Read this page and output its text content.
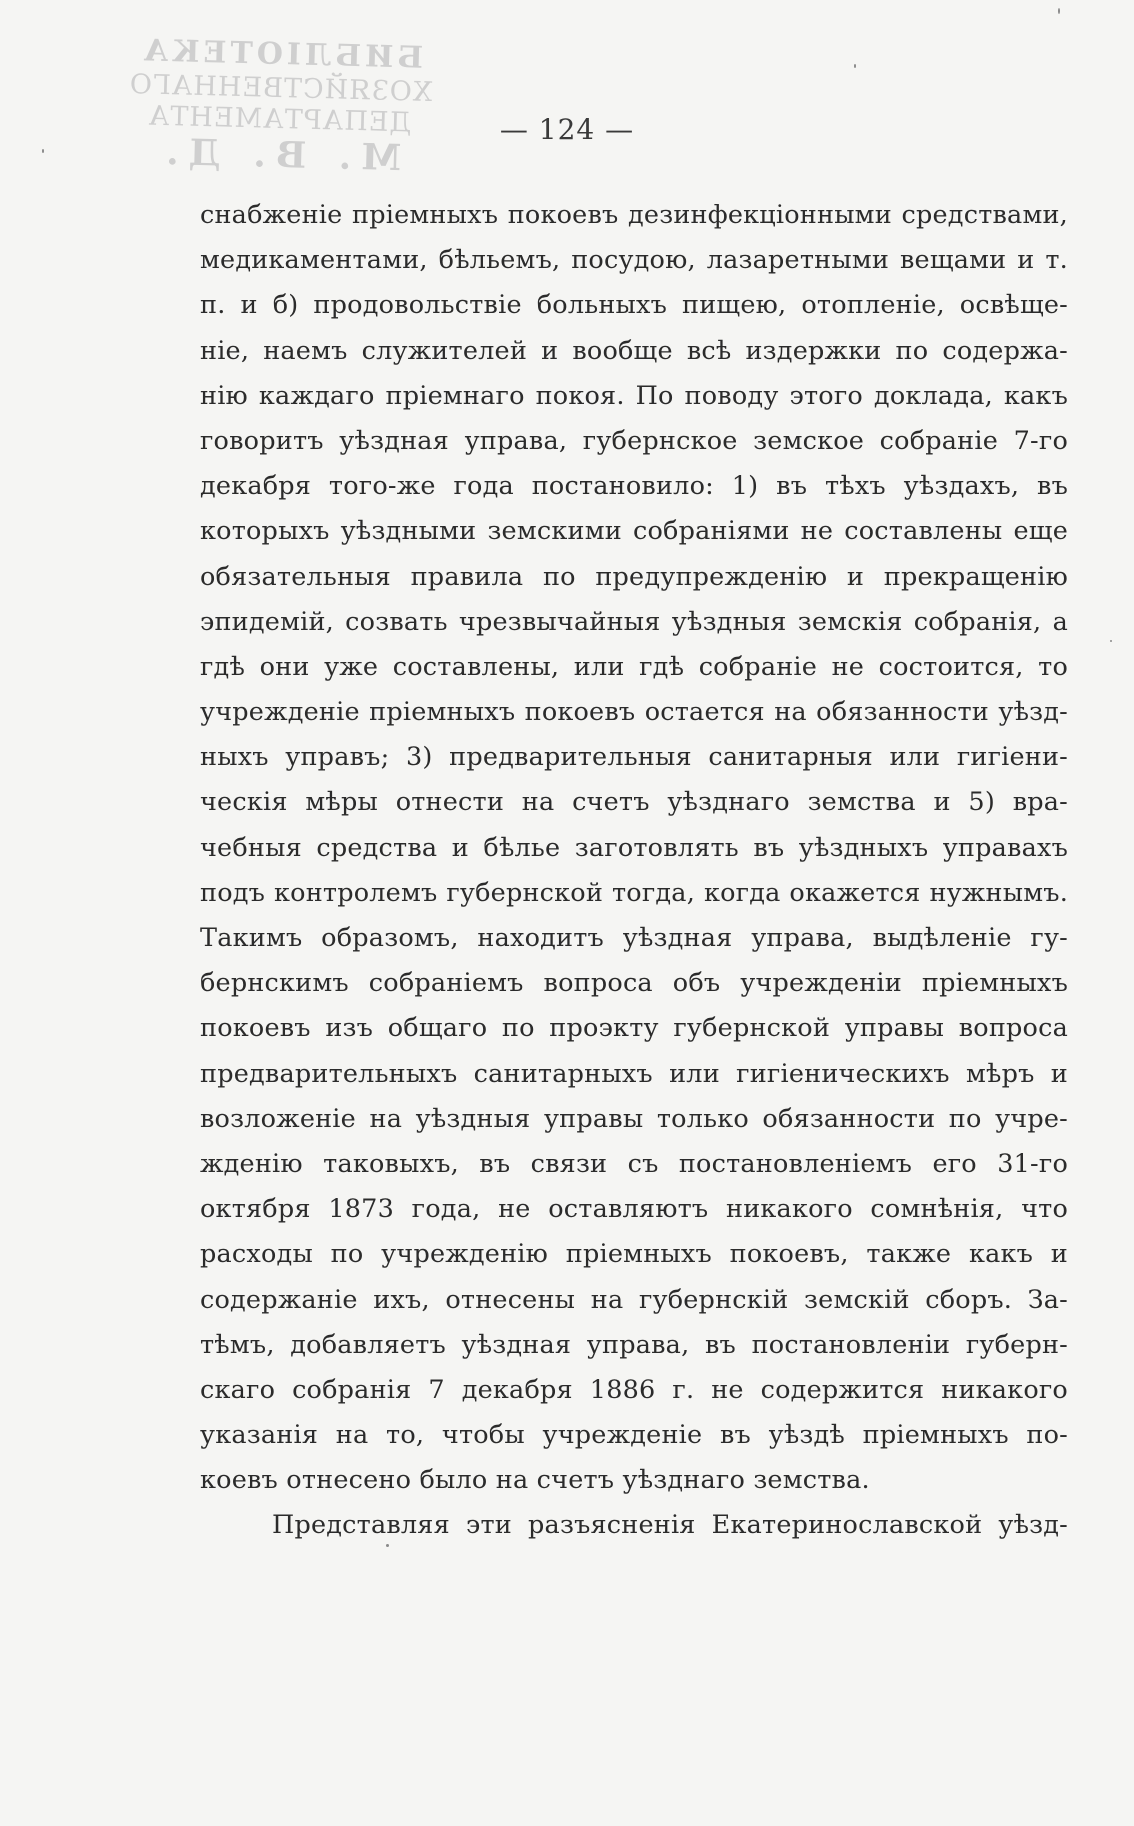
БИБЛІОТЕКА
ХОЗЯЙСТВЕННАГО ДЕПАРТАМЕНТА
М. В. Д.
— 124 —
снабженіе пріемныхъ покоевъ дезинфекціонными средствами,
медикаментами, бѣльемъ, посудою, лазаретными вещами и т.
п. и б) продовольствіе больныхъ пищею, отопленіе, освѣще-
ніе, наемъ служителей и вообще всѣ издержки по содержа-
нію каждаго пріемнаго покоя. По поводу этого доклада, какъ
говоритъ уѣздная управа, губернское земское собраніе 7-го
декабря того-же года постановило: 1) въ тѣхъ уѣздахъ, въ
которыхъ уѣздными земскими собраніями не составлены еще
обязательныя правила по предупрежденію и прекращенію
эпидемій, созвать чрезвычайныя уѣздныя земскія собранія, а
гдѣ они уже составлены, или гдѣ собраніе не состоится, то
учрежденіе пріемныхъ покоевъ остается на обязанности уѣзд-
ныхъ управъ; 3) предварительныя санитарныя или гигіени-
ческія мѣры отнести на счетъ уѣзднаго земства и 5) вра-
чебныя средства и бѣлье заготовлять въ уѣздныхъ управахъ
подъ контролемъ губернской тогда, когда окажется нужнымъ.
Такимъ образомъ, находитъ уѣздная управа, выдѣленіе гу-
бернскимъ собраніемъ вопроса объ учрежденіи пріемныхъ
покоевъ изъ общаго по проэкту губернской управы вопроса
предварительныхъ санитарныхъ или гигіеническихъ мѣръ и
возложеніе на уѣздныя управы только обязанности по учре-
жденію таковыхъ, въ связи съ постановленіемъ его 31-го
октября 1873 года, не оставляютъ никакого сомнѣнія, что
расходы по учрежденію пріемныхъ покоевъ, также какъ и
содержаніе ихъ, отнесены на губернскій земскій сборъ. За-
тѣмъ, добавляетъ уѣздная управа, въ постановленіи губерн-
скаго собранія 7 декабря 1886 г. не содержится никакого
указанія на то, чтобы учрежденіе въ уѣздѣ пріемныхъ по-
коевъ отнесено было на счетъ уѣзднаго земства.
Представляя эти разъясненія Екатеринославской уѣзд-
